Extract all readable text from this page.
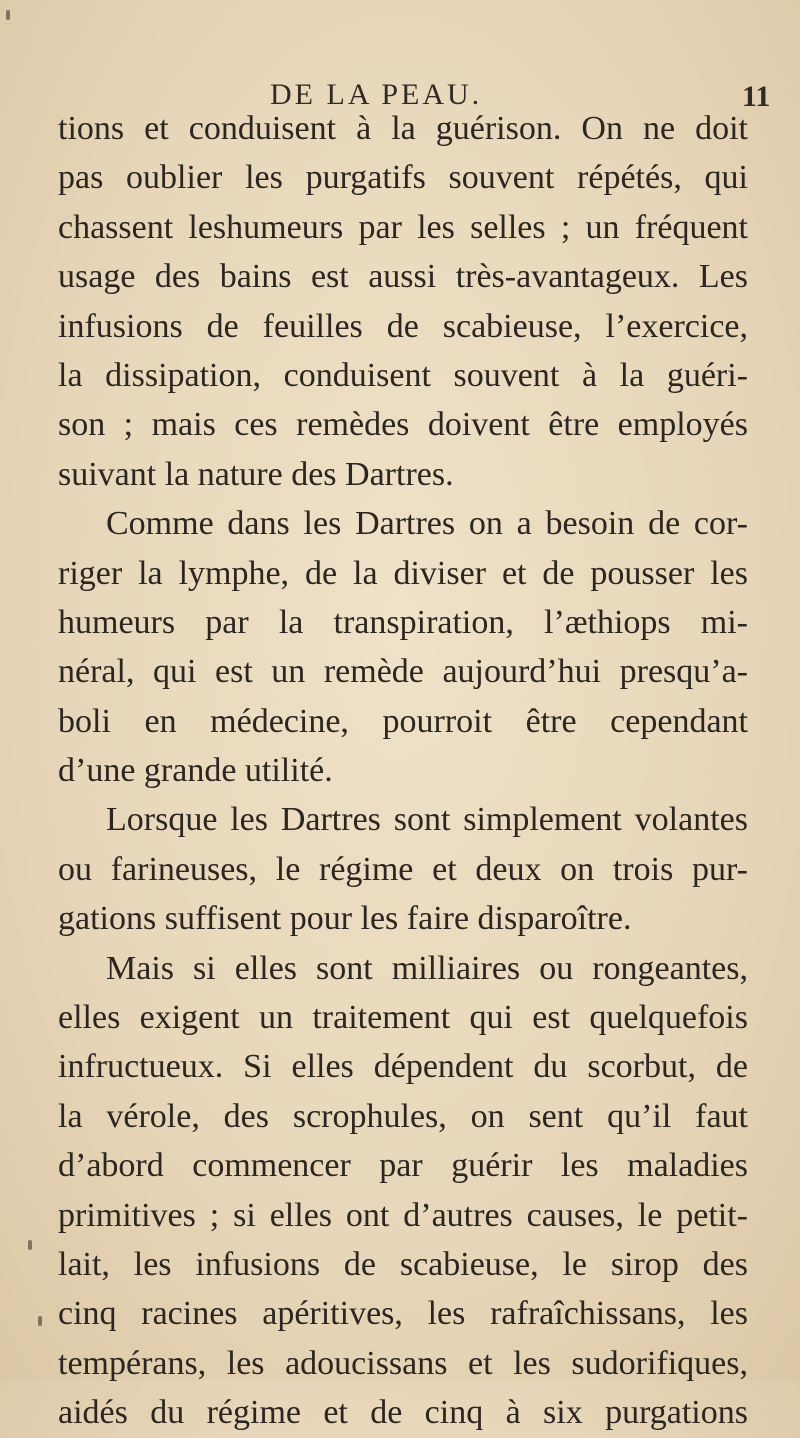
DE LA PEAU.	11
tions et conduisent à la guérison. On ne doit
pas oublier les purgatifs souvent répétés, qui
chassent leshumeurs par les selles ; un fréquent
usage des bains est aussi très-avantageux. Les
infusions de feuilles de scabieuse, l’exercice,
la dissipation, conduisent souvent à la guéri-
son ; mais ces remèdes doivent être employés
suivant la nature des Dartres.
Comme dans les Dartres on a besoin de cor-
riger la lymphe, de la diviser et de pousser les
humeurs par la transpiration, l’æthiops mi-
néral, qui est un remède aujourd’hui presqu’a-
boli en médecine, pourroit être cependant
d’une grande utilité.
Lorsque les Dartres sont simplement volantes
ou farineuses, le régime et deux on trois pur-
gations suffisent pour les faire disparoître.
Mais si elles sont milliaires ou rongeantes,
elles exigent un traitement qui est quelquefois
infructueux. Si elles dépendent du scorbut, de
la vérole, des scrophules, on sent qu’il faut
d’abord commencer par guérir les maladies
primitives ; si elles ont d’autres causes, le petit-
lait, les infusions de scabieuse, le sirop des
cinq racines apéritives, les rafraîchissans, les
tempérans, les adoucissans et les sudorifiques,
aidés du régime et de cinq à six purgations
